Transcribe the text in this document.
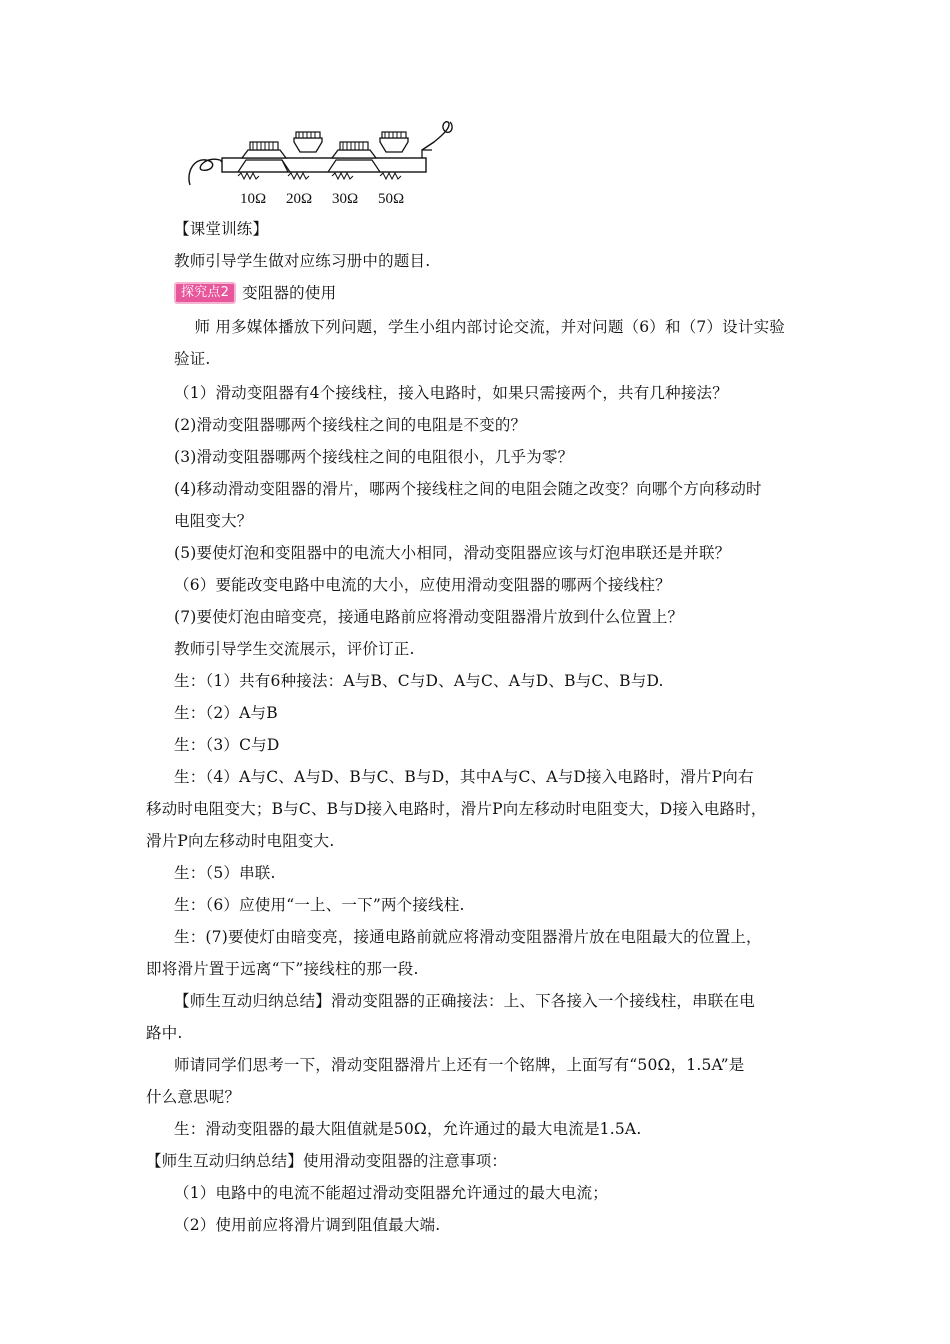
10Ω 20Ω 30Ω 50Ω
【课堂训练】
教师引导学生做对应练习册中的题目.
探究点2 变阻器的使用
师 用多媒体播放下列问题，学生小组内部讨论交流，并对问题（6）和（7）设计实验
验证.
（1）滑动变阻器有4个接线柱，接入电路时，如果只需接两个，共有几种接法？
(2)滑动变阻器哪两个接线柱之间的电阻是不变的？
(3)滑动变阻器哪两个接线柱之间的电阻很小，几乎为零？
(4)移动滑动变阻器的滑片，哪两个接线柱之间的电阻会随之改变？向哪个方向移动时
电阻变大？
(5)要使灯泡和变阻器中的电流大小相同，滑动变阻器应该与灯泡串联还是并联？
（6）要能改变电路中电流的大小，应使用滑动变阻器的哪两个接线柱？
(7)要使灯泡由暗变亮，接通电路前应将滑动变阻器滑片放到什么位置上？
教师引导学生交流展示，评价订正.
生：（1）共有6种接法：A与B、C与D、A与C、A与D、B与C、B与D.
生：（2）A与B
生：（3）C与D
生：（4）A与C、A与D、B与C、B与D，其中A与C、A与D接入电路时，滑片P向右
移动时电阻变大；B与C、B与D接入电路时，滑片P向左移动时电阻变大，D接入电路时，
滑片P向左移动时电阻变大.
生：（5）串联.
生：（6）应使用“一上、一下”两个接线柱.
生：(7)要使灯由暗变亮，接通电路前就应将滑动变阻器滑片放在电阻最大的位置上，
即将滑片置于远离“下”接线柱的那一段.
【师生互动归纳总结】滑动变阻器的正确接法：上、下各接入一个接线柱，串联在电
路中.
师请同学们思考一下，滑动变阻器滑片上还有一个铭牌，上面写有“50Ω，1.5A”是
什么意思呢？
生：滑动变阻器的最大阻值就是50Ω，允许通过的最大电流是1.5A.
【师生互动归纳总结】使用滑动变阻器的注意事项：
（1）电路中的电流不能超过滑动变阻器允许通过的最大电流；
（2）使用前应将滑片调到阻值最大端.
